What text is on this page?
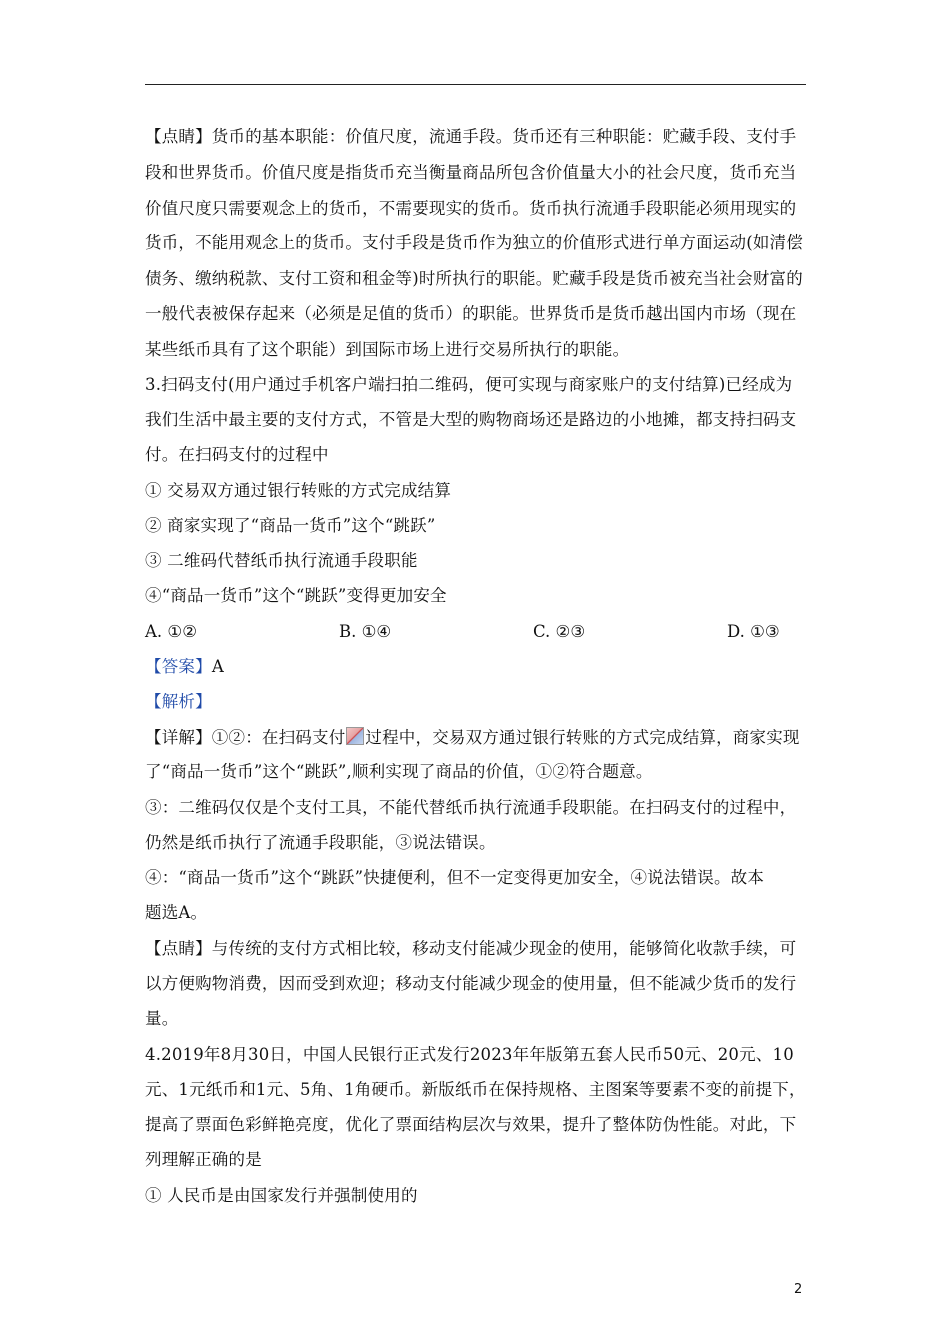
【点睛】货币的基本职能：价值尺度，流通手段。货币还有三种职能：贮藏手段、支付手
段和世界货币。价值尺度是指货币充当衡量商品所包含价值量大小的社会尺度，货币充当
价值尺度只需要观念上的货币，不需要现实的货币。货币执行流通手段职能必须用现实的
货币，不能用观念上的货币。支付手段是货币作为独立的价值形式进行单方面运动(如清偿
债务、缴纳税款、支付工资和租金等)时所执行的职能。贮藏手段是货币被充当社会财富的
一般代表被保存起来（必须是足值的货币）的职能。世界货币是货币越出国内市场（现在
某些纸币具有了这个职能）到国际市场上进行交易所执行的职能。
3.扫码支付(用户通过手机客户端扫拍二维码，便可实现与商家账户的支付结算)已经成为
我们生活中最主要的支付方式，不管是大型的购物商场还是路边的小地摊，都支持扫码支
付。在扫码支付的过程中
① 交易双方通过银行转账的方式完成结算
② 商家实现了“商品一货币”这个“跳跃”
③ 二维码代替纸币执行流通手段职能
④“商品一货币”这个“跳跃”变得更加安全
A. ①②	B. ①④	C. ②③	D. ①③
【答案】A
【解析】
【详解】①②：在扫码支付 过程中，交易双方通过银行转账的方式完成结算，商家实现
了“商品一货币”这个“跳跃”,顺利实现了商品的价值，①②符合题意。
③：二维码仅仅是个支付工具，不能代替纸币执行流通手段职能。在扫码支付的过程中，
仍然是纸币执行了流通手段职能，③说法错误。
④：“商品一货币”这个“跳跃”快捷便利，但不一定变得更加安全，④说法错误。故本
题选A。
【点睛】与传统的支付方式相比较，移动支付能减少现金的使用，能够简化收款手续，可
以方便购物消费，因而受到欢迎；移动支付能减少现金的使用量，但不能减少货币的发行
量。
4.2019年8月30日，中国人民银行正式发行2023年年版第五套人民币50元、20元、10
元、1元纸币和1元、5角、1角硬币。新版纸币在保持规格、主图案等要素不变的前提下，
提高了票面色彩鲜艳亮度，优化了票面结构层次与效果，提升了整体防伪性能。对此，下
列理解正确的是
① 人民币是由国家发行并强制使用的
2
